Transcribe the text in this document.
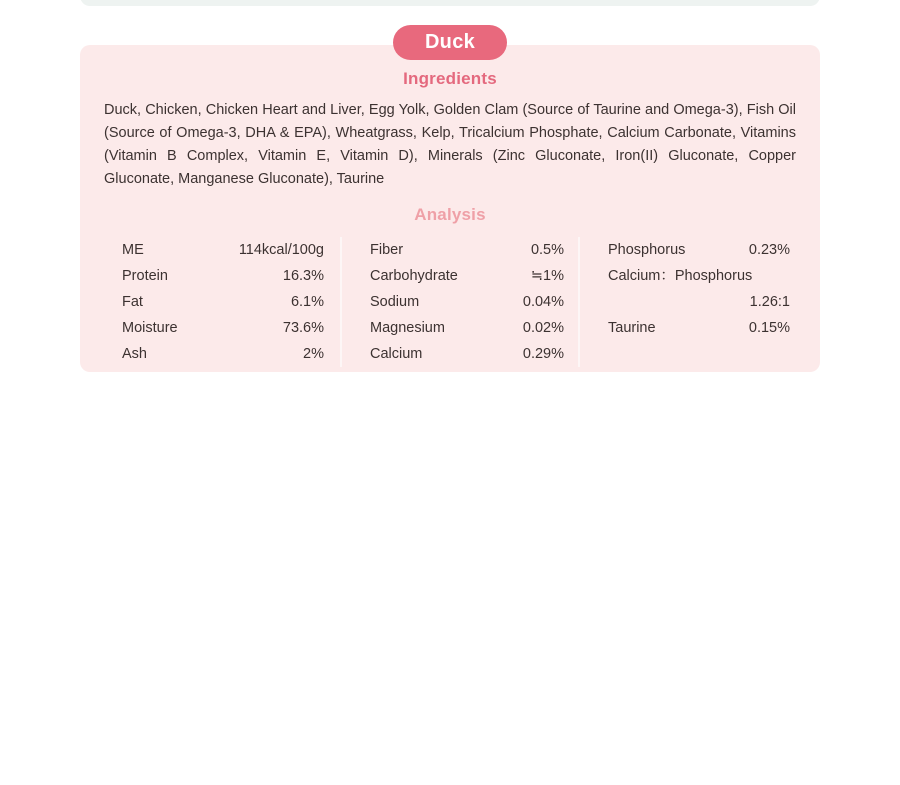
Duck
Ingredients
Duck, Chicken, Chicken Heart and Liver, Egg Yolk, Golden Clam (Source of Taurine and Omega-3), Fish Oil (Source of Omega-3, DHA & EPA), Wheatgrass, Kelp, Tricalcium Phosphate, Calcium Carbonate, Vitamins (Vitamin B Complex, Vitamin E, Vitamin D), Minerals (Zinc Gluconate, Iron(II) Gluconate, Copper Gluconate, Manganese Gluconate), Taurine
Analysis
ME	114kcal/100g
Protein	16.3%
Fat	6.1%
Moisture	73.6%
Ash	2%
Fiber	0.5%
Carbohydrate	≒1%
Sodium	0.04%
Magnesium	0.02%
Calcium	0.29%
Phosphorus	0.23%
Calcium：Phosphorus
1.26:1
Taurine	0.15%
